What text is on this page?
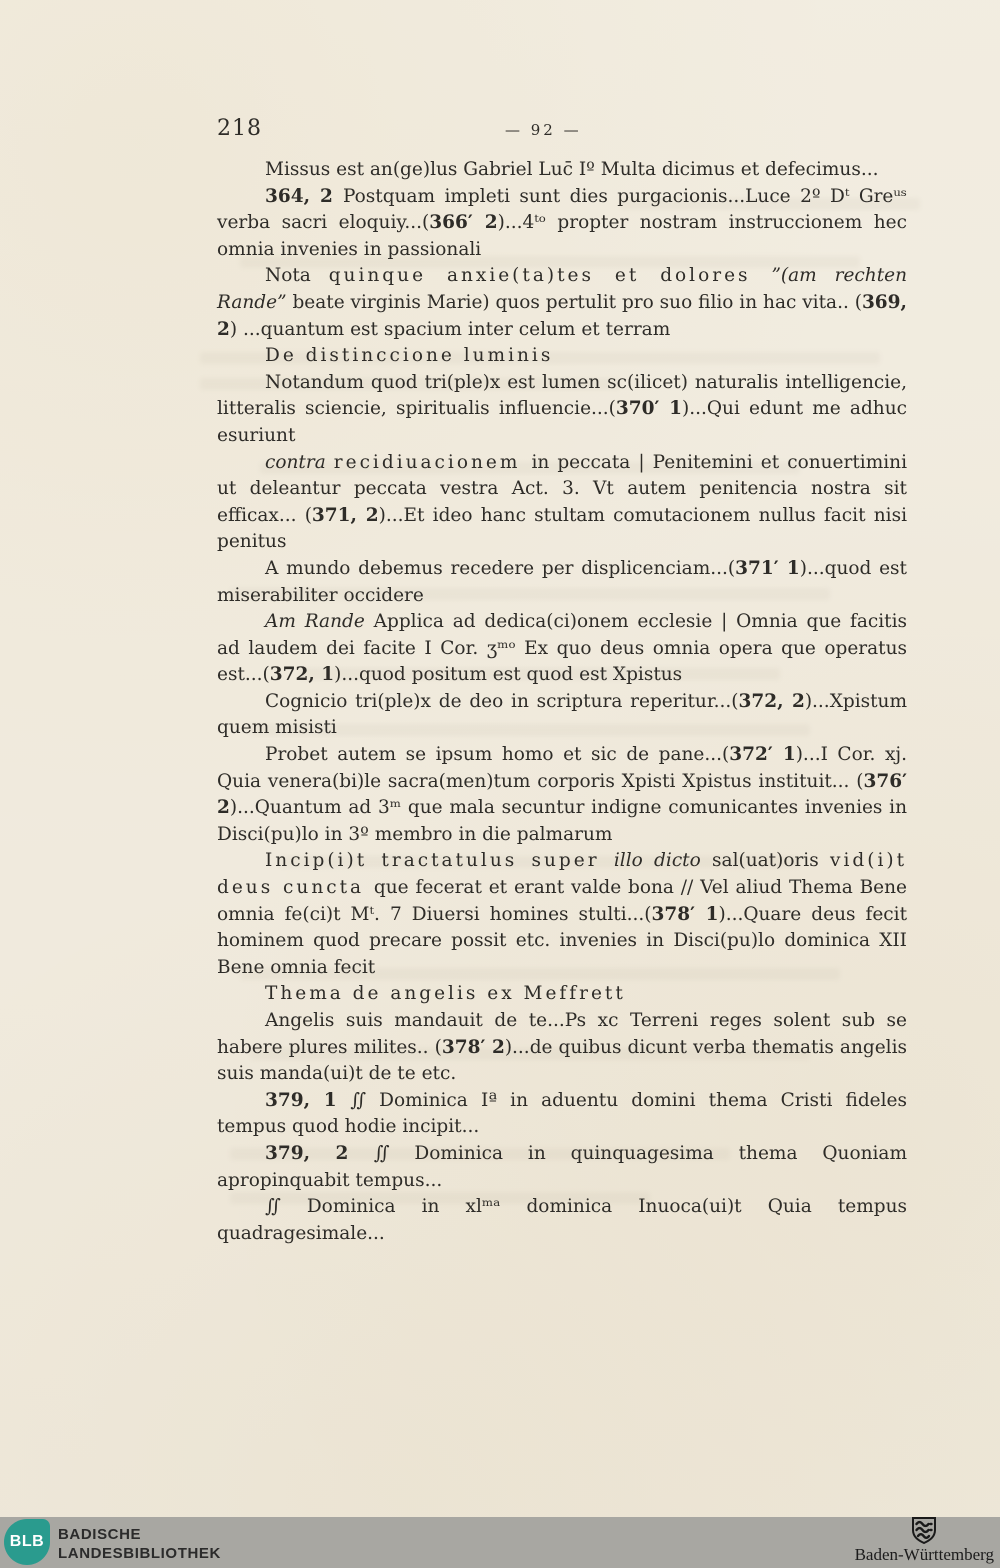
218	— 92 —

Missus est an(ge)lus Gabriel Luc̄ Iº Multa dicimus et defecimus...

364, 2 Postquam impleti sunt dies purgacionis...Luce 2º Dᵗ Greᵘˢ verba sacri eloquiy...(366′ 2)...4ᵗᵒ propter nostram instruccionem hec omnia invenies in passionali

Nota quinque anxie(ta)tes et dolores ”(am rechten Rande” beate virginis Marie) quos pertulit pro suo filio in hac vita.. (369, 2) ...quantum est spacium inter celum et terram

De distinccione luminis

Notandum quod tri(ple)x est lumen sc(ilicet) naturalis intelligencie, litteralis sciencie, spiritualis influencie...(370′ 1)...Qui edunt me adhuc esuriunt

contra recidiuacionem in peccata | Penitemini et conuertimini ut deleantur peccata vestra Act. 3. Vt autem penitencia nostra sit efficax... (371, 2)...Et ideo hanc stultam comutacionem nullus facit nisi penitus

A mundo debemus recedere per displicenciam...(371′ 1)...quod est miserabiliter occidere

Am Rande Applica ad dedica(ci)onem ecclesie | Omnia que facitis ad laudem dei facite I Cor. ʒᵐᵒ Ex quo deus omnia opera que operatus est...(372, 1)...quod positum est quod est Xpistus

Cognicio tri(ple)x de deo in scriptura reperitur...(372, 2)...Xpistum quem misisti

Probet autem se ipsum homo et sic de pane...(372′ 1)...I Cor. xj. Quia venera(bi)le sacra(men)tum corporis Xpisti Xpistus instituit... (376′ 2)...Quantum ad 3ᵐ que mala secuntur indigne comunicantes invenies in Disci(pu)lo in 3º membro in die palmarum

Incip(i)t tractatulus super illo dicto sal(uat)oris vid(i)t deus cuncta que fecerat et erant valde bona // Vel aliud Thema Bene omnia fe(ci)t Mᵗ. 7 Diuersi homines stulti...(378′ 1)...Quare deus fecit hominem quod precare possit etc. invenies in Disci(pu)lo dominica XII Bene omnia fecit

Thema de angelis ex Meffrett

Angelis suis mandauit de te...Ps xc Terreni reges solent sub se habere plures milites.. (378′ 2)...de quibus dicunt verba thematis angelis suis manda(ui)t de te etc.

379, 1 ∬ Dominica Iª in aduentu domini thema Cristi fideles tempus quod hodie incipit...

379, 2 ∬ Dominica in quinquagesima thema Quoniam apropinquabit tempus...

∬ Dominica in xlᵐᵃ dominica Inuoca(ui)t Quia tempus quadragesimale...

BLB BADISCHE
LANDESBIBLIOTHEK	Baden-Württemberg
